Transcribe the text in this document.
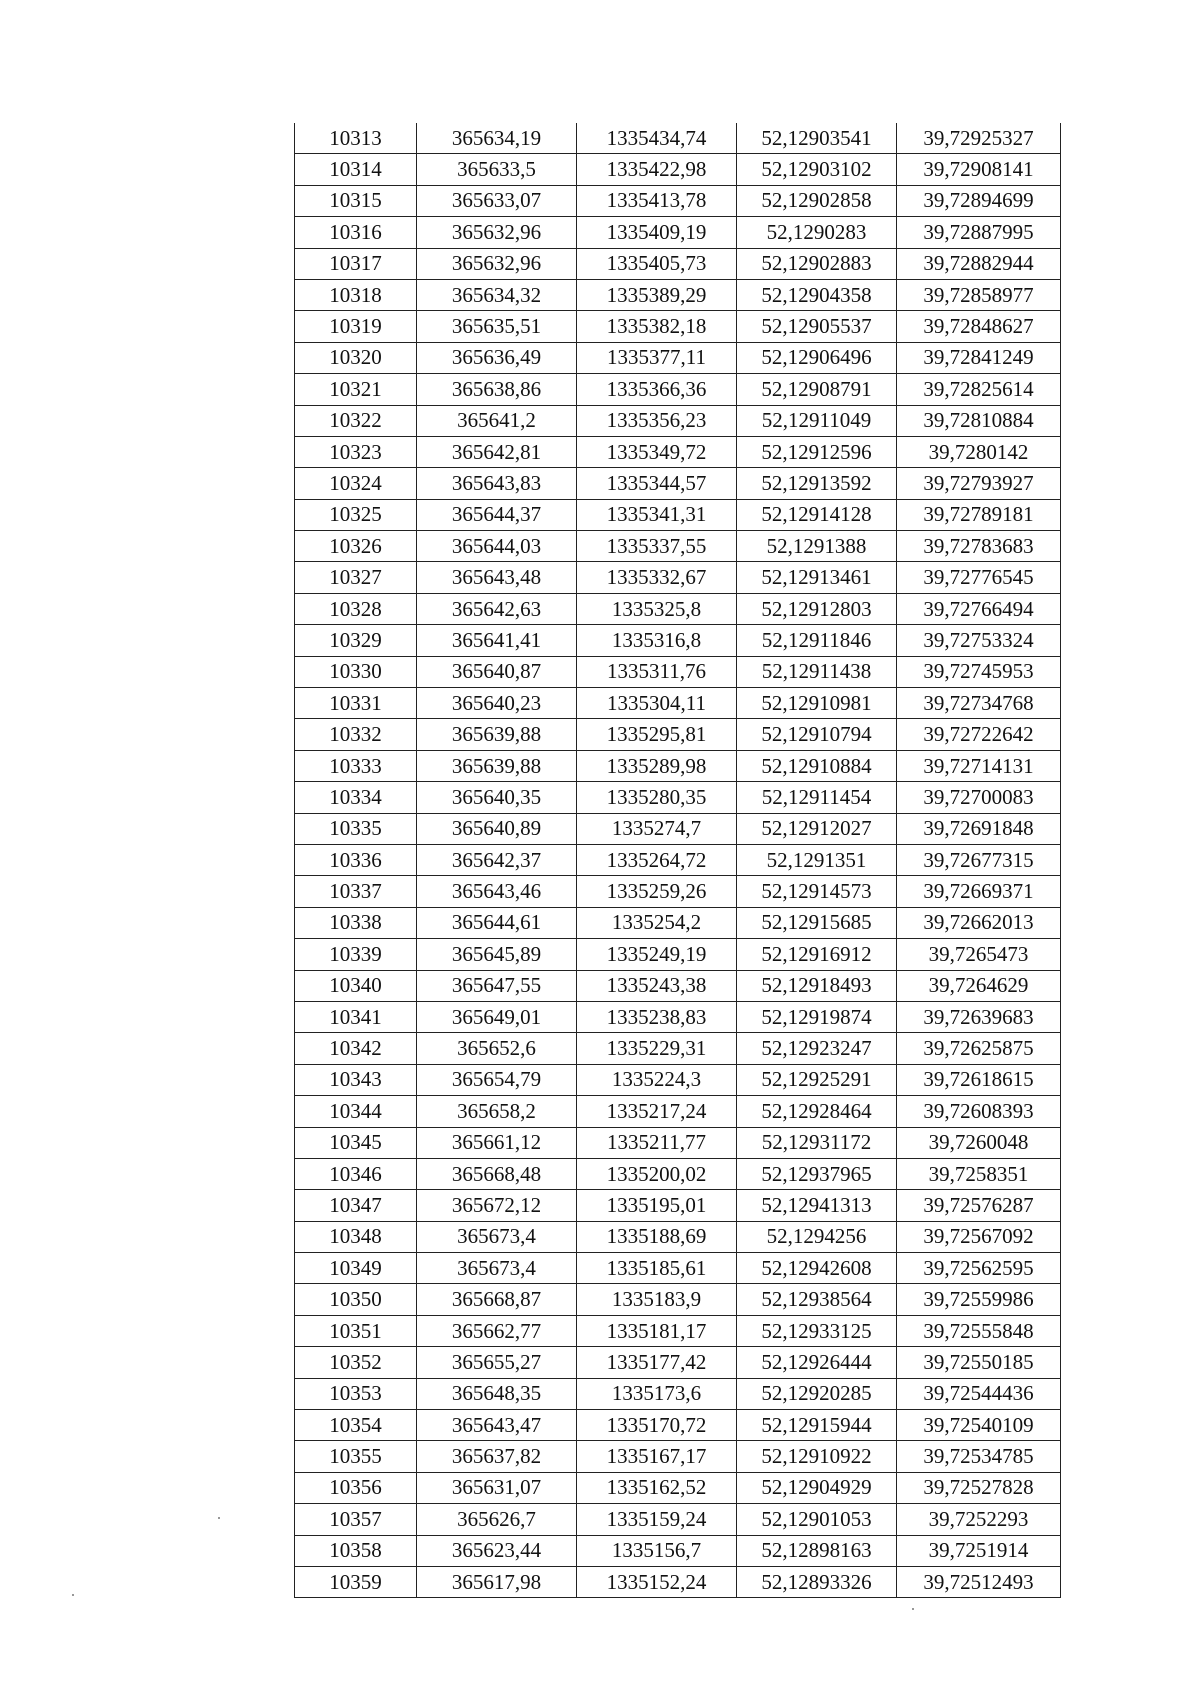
10313	365634,19	1335434,74	52,12903541	39,72925327
10314	365633,5	1335422,98	52,12903102	39,72908141
10315	365633,07	1335413,78	52,12902858	39,72894699
10316	365632,96	1335409,19	52,1290283	39,72887995
10317	365632,96	1335405,73	52,12902883	39,72882944
10318	365634,32	1335389,29	52,12904358	39,72858977
10319	365635,51	1335382,18	52,12905537	39,72848627
10320	365636,49	1335377,11	52,12906496	39,72841249
10321	365638,86	1335366,36	52,12908791	39,72825614
10322	365641,2	1335356,23	52,12911049	39,72810884
10323	365642,81	1335349,72	52,12912596	39,7280142
10324	365643,83	1335344,57	52,12913592	39,72793927
10325	365644,37	1335341,31	52,12914128	39,72789181
10326	365644,03	1335337,55	52,1291388	39,72783683
10327	365643,48	1335332,67	52,12913461	39,72776545
10328	365642,63	1335325,8	52,12912803	39,72766494
10329	365641,41	1335316,8	52,12911846	39,72753324
10330	365640,87	1335311,76	52,12911438	39,72745953
10331	365640,23	1335304,11	52,12910981	39,72734768
10332	365639,88	1335295,81	52,12910794	39,72722642
10333	365639,88	1335289,98	52,12910884	39,72714131
10334	365640,35	1335280,35	52,12911454	39,72700083
10335	365640,89	1335274,7	52,12912027	39,72691848
10336	365642,37	1335264,72	52,1291351	39,72677315
10337	365643,46	1335259,26	52,12914573	39,72669371
10338	365644,61	1335254,2	52,12915685	39,72662013
10339	365645,89	1335249,19	52,12916912	39,7265473
10340	365647,55	1335243,38	52,12918493	39,7264629
10341	365649,01	1335238,83	52,12919874	39,72639683
10342	365652,6	1335229,31	52,12923247	39,72625875
10343	365654,79	1335224,3	52,12925291	39,72618615
10344	365658,2	1335217,24	52,12928464	39,72608393
10345	365661,12	1335211,77	52,12931172	39,7260048
10346	365668,48	1335200,02	52,12937965	39,7258351
10347	365672,12	1335195,01	52,12941313	39,72576287
10348	365673,4	1335188,69	52,1294256	39,72567092
10349	365673,4	1335185,61	52,12942608	39,72562595
10350	365668,87	1335183,9	52,12938564	39,72559986
10351	365662,77	1335181,17	52,12933125	39,72555848
10352	365655,27	1335177,42	52,12926444	39,72550185
10353	365648,35	1335173,6	52,12920285	39,72544436
10354	365643,47	1335170,72	52,12915944	39,72540109
10355	365637,82	1335167,17	52,12910922	39,72534785
10356	365631,07	1335162,52	52,12904929	39,72527828
10357	365626,7	1335159,24	52,12901053	39,7252293
10358	365623,44	1335156,7	52,12898163	39,7251914
10359	365617,98	1335152,24	52,12893326	39,72512493
